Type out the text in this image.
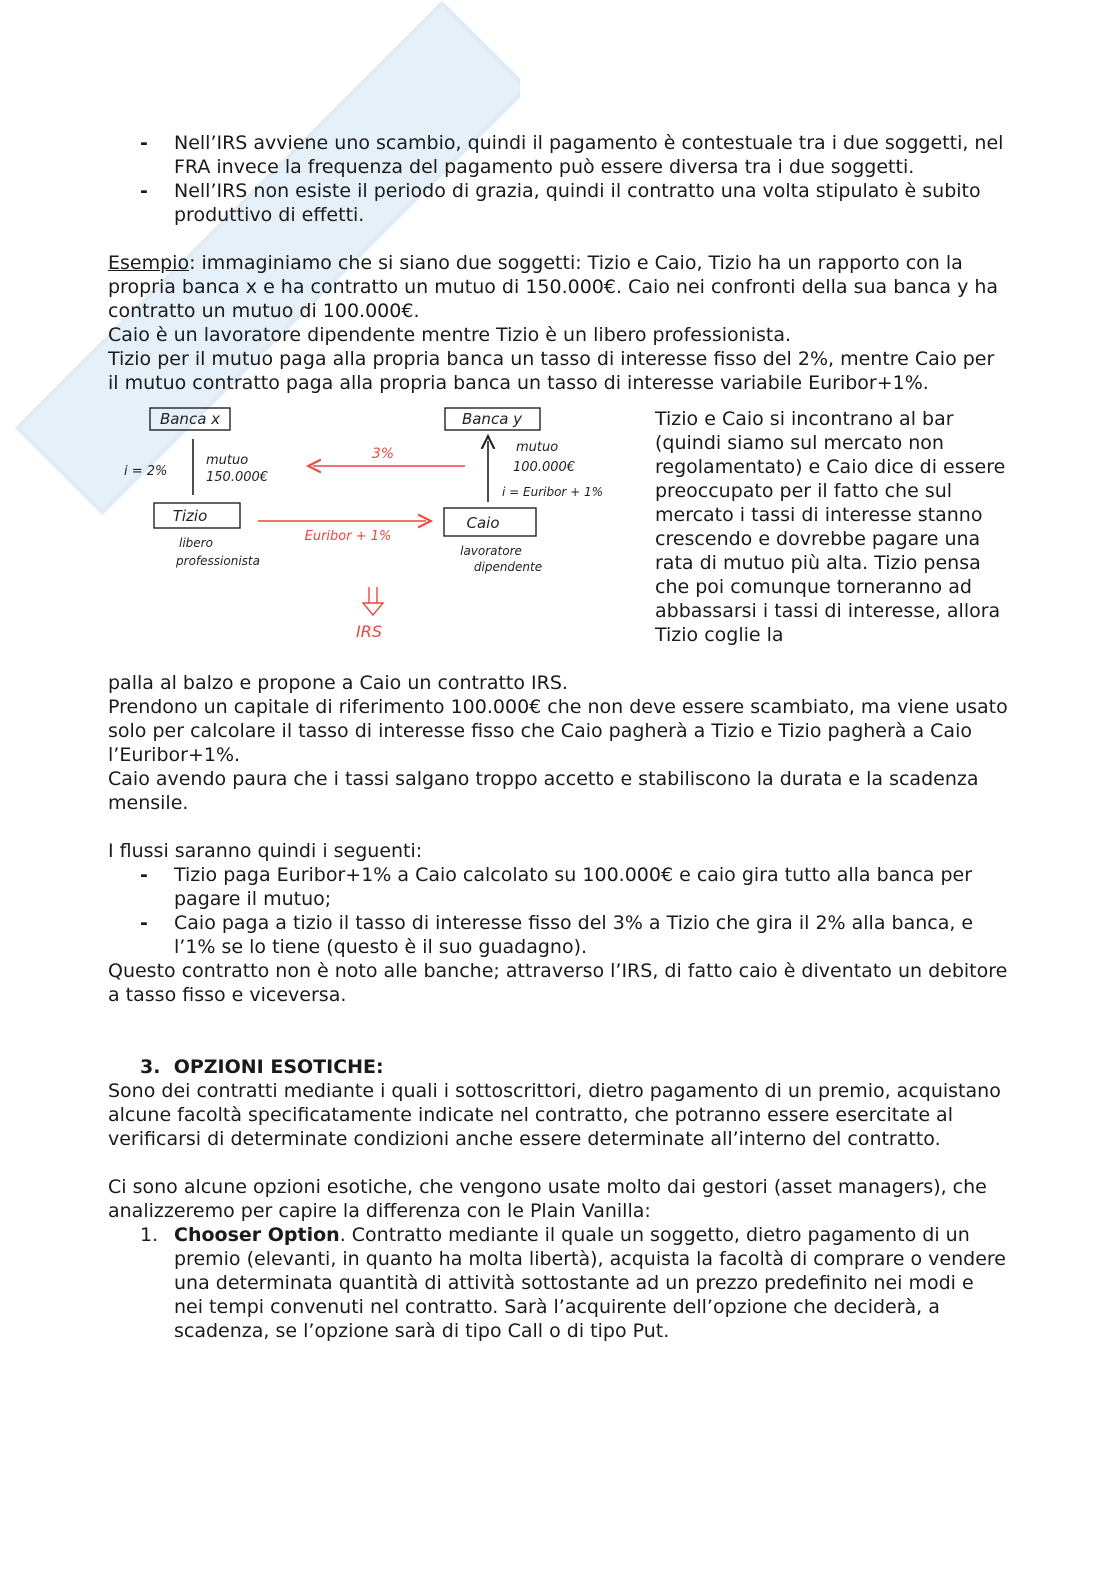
- Nell’IRS avviene uno scambio, quindi il pagamento è contestuale tra i due soggetti, nel FRA invece la frequenza del pagamento può essere diversa tra i due soggetti.
- Nell’IRS non esiste il periodo di grazia, quindi il contratto una volta stipulato è subito produttivo di effetti.

Esempio: immaginiamo che si siano due soggetti: Tizio e Caio, Tizio ha un rapporto con la propria banca x e ha contratto un mutuo di 150.000€. Caio nei confronti della sua banca y ha contratto un mutuo di 100.000€.

Caio è un lavoratore dipendente mentre Tizio è un libero professionista.

Tizio per il mutuo paga alla propria banca un tasso di interesse fisso del 2%, mentre Caio per il mutuo contratto paga alla propria banca un tasso di interesse variabile Euribor+1%.

Banca x	Banca y
Tizio
libero
professionista
Caio
lavoratore
dipendente
i = 2%
mutuo
150.000€
mutuo
100.000€
i = Euribor + 1%
3%
Euribor + 1%
IRS

Tizio e Caio si incontrano al bar (quindi siamo sul mercato non regolamentato) e Caio dice di essere preoccupato per il fatto che sul mercato i tassi di interesse stanno crescendo e dovrebbe pagare una rata di mutuo più alta. Tizio pensa che poi comunque torneranno ad abbassarsi i tassi di interesse, allora Tizio coglie la

palla al balzo e propone a Caio un contratto IRS.

Prendono un capitale di riferimento 100.000€ che non deve essere scambiato, ma viene usato solo per calcolare il tasso di interesse fisso che Caio pagherà a Tizio e Tizio pagherà a Caio l’Euribor+1%.

Caio avendo paura che i tassi salgano troppo accetto e stabiliscono la durata e la scadenza mensile.

I flussi saranno quindi i seguenti:

- Tizio paga Euribor+1% a Caio calcolato su 100.000€ e caio gira tutto alla banca per pagare il mutuo;
- Caio paga a tizio il tasso di interesse fisso del 3% a Tizio che gira il 2% alla banca, e l’1% se lo tiene (questo è il suo guadagno).

Questo contratto non è noto alle banche; attraverso l’IRS, di fatto caio è diventato un debitore a tasso fisso e viceversa.

3. OPZIONI ESOTICHE:

Sono dei contratti mediante i quali i sottoscrittori, dietro pagamento di un premio, acquistano alcune facoltà specificatamente indicate nel contratto, che potranno essere esercitate al verificarsi di determinate condizioni anche essere determinate all’interno del contratto.

Ci sono alcune opzioni esotiche, che vengono usate molto dai gestori (asset managers), che analizzeremo per capire la differenza con le Plain Vanilla:

1. Chooser Option. Contratto mediante il quale un soggetto, dietro pagamento di un premio (elevanti, in quanto ha molta libertà), acquista la facoltà di comprare o vendere una determinata quantità di attività sottostante ad un prezzo predefinito nei modi e nei tempi convenuti nel contratto. Sarà l’acquirente dell’opzione che deciderà, a scadenza, se l’opzione sarà di tipo Call o di tipo Put.
